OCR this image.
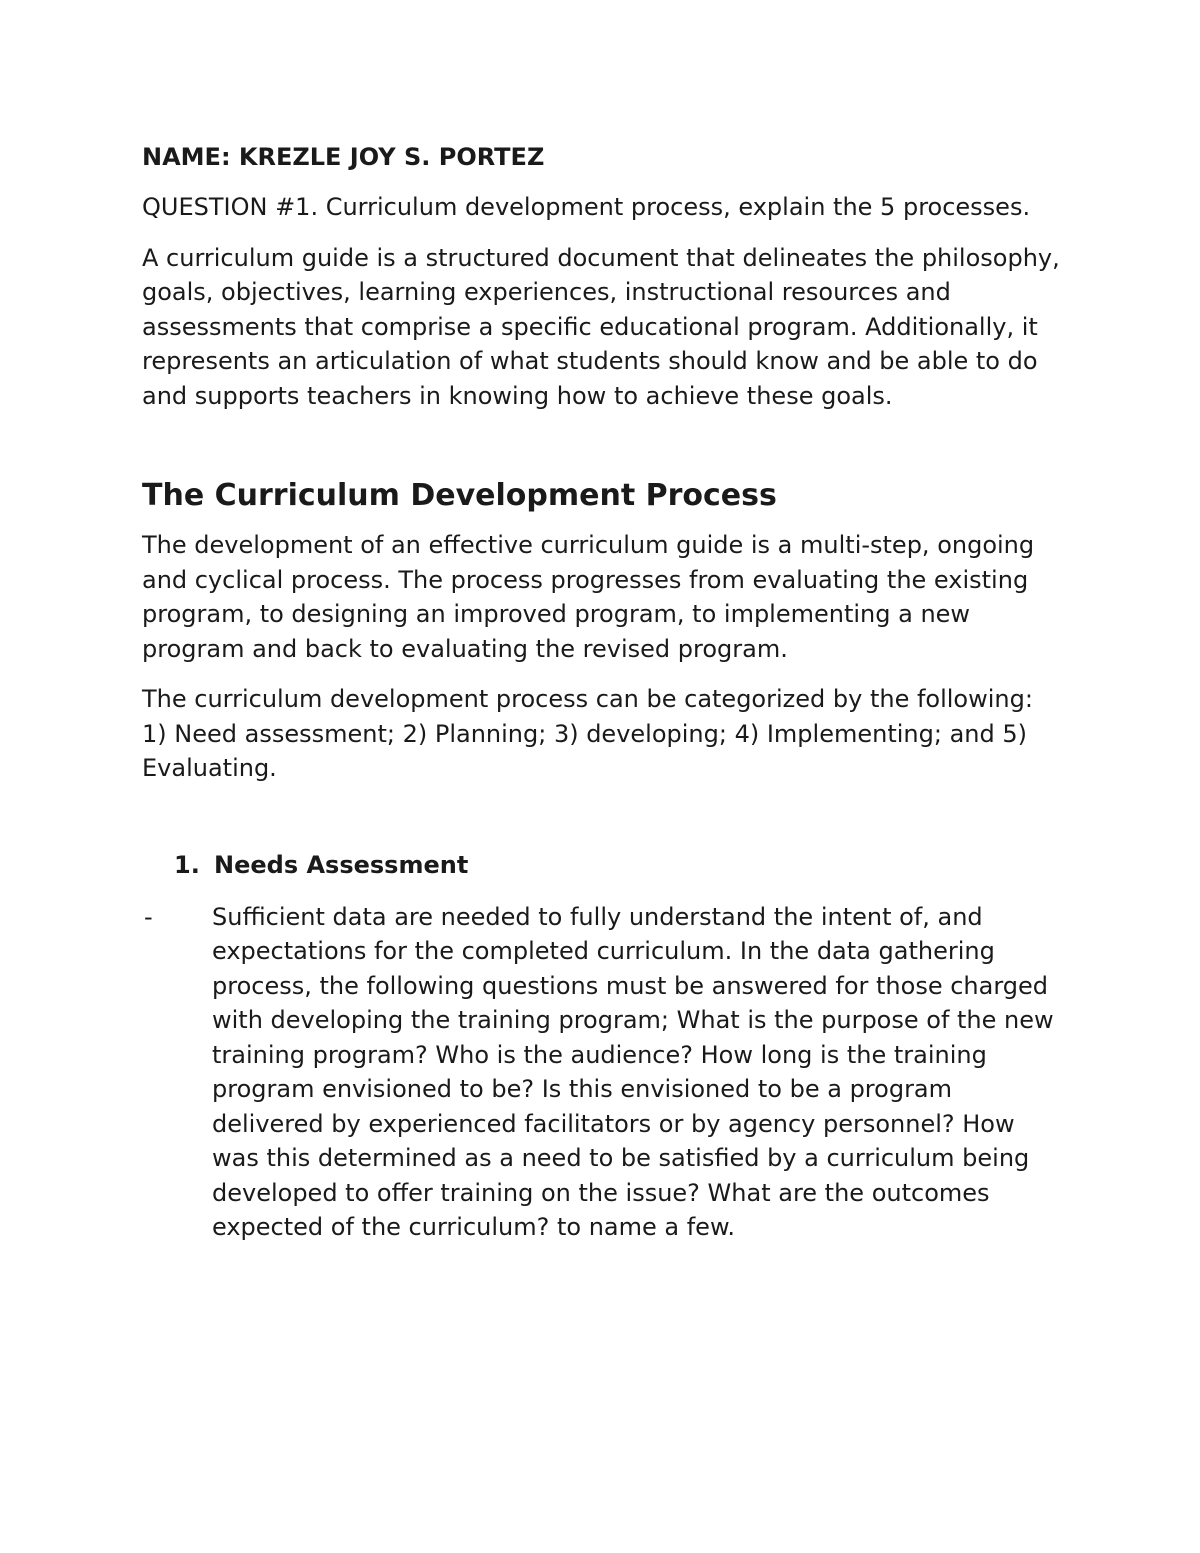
NAME: KREZLE JOY S. PORTEZ

QUESTION #1. Curriculum development process, explain the 5 processes.

A curriculum guide is a structured document that delineates the philosophy, goals, objectives, learning experiences, instructional resources and assessments that comprise a specific educational program. Additionally, it represents an articulation of what students should know and be able to do and supports teachers in knowing how to achieve these goals.

The Curriculum Development Process

The development of an effective curriculum guide is a multi-step, ongoing and cyclical process. The process progresses from evaluating the existing program, to designing an improved program, to implementing a new program and back to evaluating the revised program.

The curriculum development process can be categorized by the following: 1) Need assessment; 2) Planning; 3) developing; 4) Implementing; and 5) Evaluating.

1. Needs Assessment
-	Sufficient data are needed to fully understand the intent of, and expectations for the completed curriculum. In the data gathering process, the following questions must be answered for those charged with developing the training program; What is the purpose of the new training program? Who is the audience? How long is the training program envisioned to be? Is this envisioned to be a program delivered by experienced facilitators or by agency personnel? How was this determined as a need to be satisfied by a curriculum being developed to offer training on the issue? What are the outcomes expected of the curriculum? to name a few.
